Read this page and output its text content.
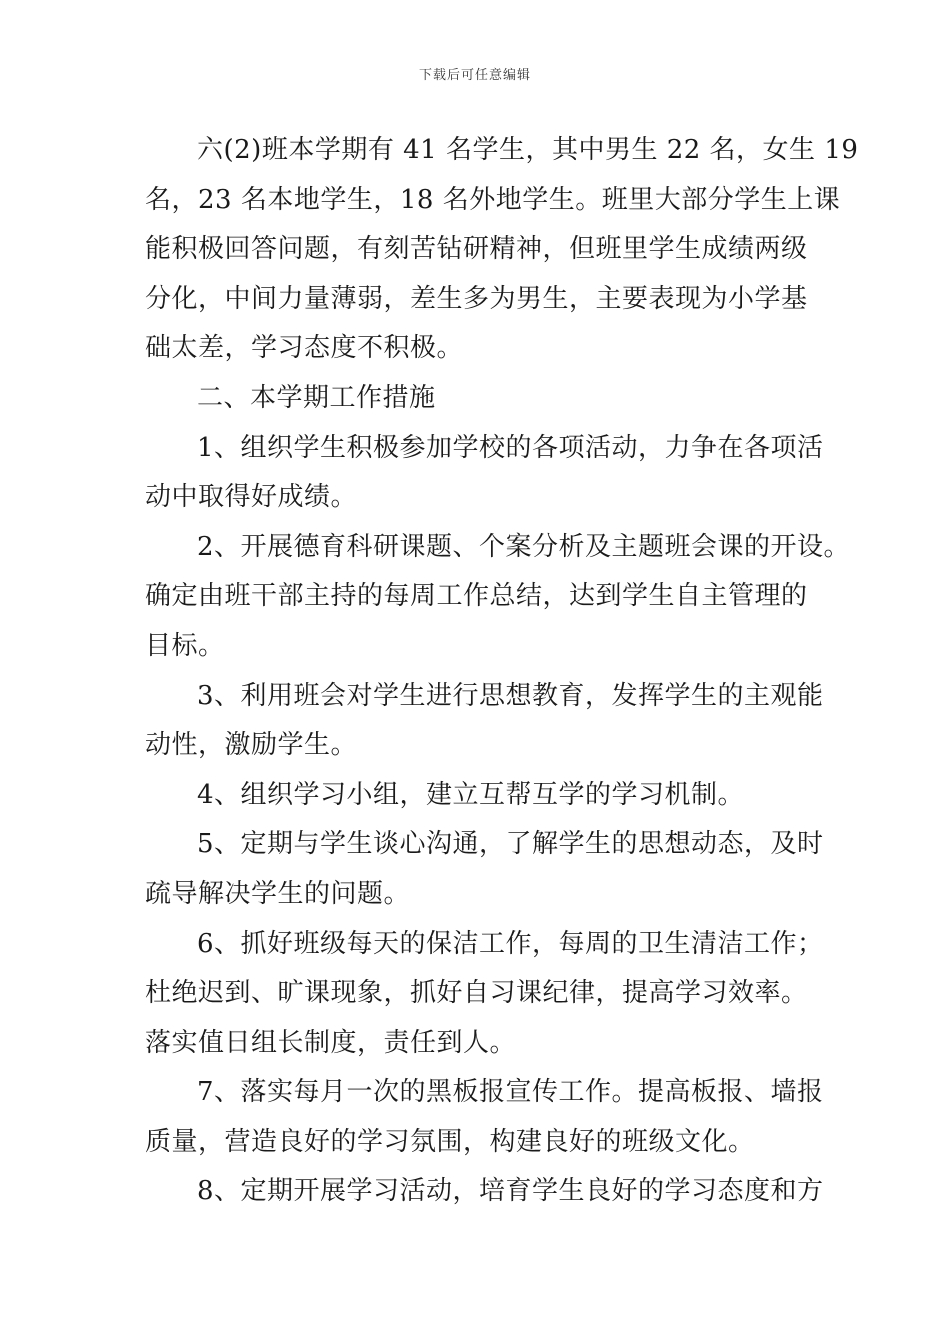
下载后可任意编辑

六(2)班本学期有 41 名学生，其中男生 22 名，女生 19
名，23 名本地学生，18 名外地学生。班里大部分学生上课
能积极回答问题，有刻苦钻研精神，但班里学生成绩两级
分化，中间力量薄弱，差生多为男生，主要表现为小学基
础太差，学习态度不积极。

二、本学期工作措施

1、组织学生积极参加学校的各项活动，力争在各项活
动中取得好成绩。

2、开展德育科研课题、个案分析及主题班会课的开设。
确定由班干部主持的每周工作总结，达到学生自主管理的
目标。

3、利用班会对学生进行思想教育，发挥学生的主观能
动性，激励学生。

4、组织学习小组，建立互帮互学的学习机制。

5、定期与学生谈心沟通，了解学生的思想动态，及时
疏导解决学生的问题。

6、抓好班级每天的保洁工作，每周的卫生清洁工作；
杜绝迟到、旷课现象，抓好自习课纪律，提高学习效率。
落实值日组长制度，责任到人。

7、落实每月一次的黑板报宣传工作。提高板报、墙报
质量，营造良好的学习氛围，构建良好的班级文化。

8、定期开展学习活动，培育学生良好的学习态度和方
